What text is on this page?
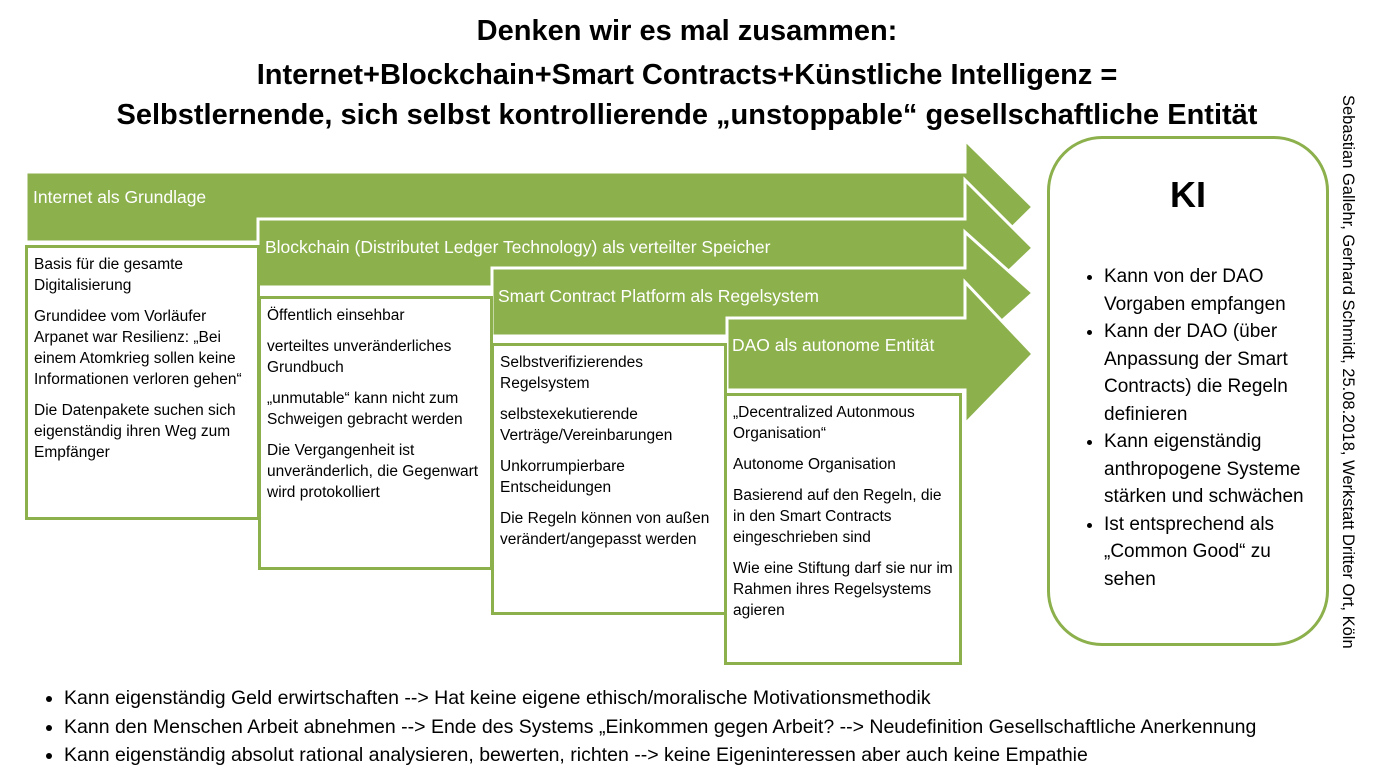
Denken wir es mal zusammen:
Internet+Blockchain+Smart Contracts+Künstliche Intelligenz =
Selbstlernende, sich selbst kontrollierende „unstoppable“ gesellschaftliche Entität
Internet als Grundlage
Blockchain (Distributet Ledger Technology) als verteilter Speicher
Smart Contract Platform als Regelsystem
DAO als autonome Entität

Basis für die gesamte Digitalisierung

Grundidee vom Vorläufer Arpanet war Resilienz: „Bei einem Atomkrieg sollen keine Informationen verloren gehen“

Die Datenpakete suchen sich eigenständig ihren Weg zum Empfänger

Öffentlich einsehbar

verteiltes unveränderliches Grundbuch

„unmutable“ kann nicht zum Schweigen gebracht werden

Die Vergangenheit ist unveränderlich, die Gegenwart wird protokolliert

Selbstverifizierendes Regelsystem

selbstexekutierende Verträge/Vereinbarungen

Unkorrumpierbare Entscheidungen

Die Regeln können von außen verändert/angepasst werden

„Decentralized Autonmous Organisation“

Autonome Organisation

Basierend auf den Regeln, die in den Smart Contracts eingeschrieben sind

Wie eine Stiftung darf sie nur im Rahmen ihres Regelsystems agieren

KI
• Kann von der DAO Vorgaben empfangen
• Kann der DAO (über Anpassung der Smart Contracts) die Regeln definieren
• Kann eigenständig anthropogene Systeme stärken und schwächen
• Ist entsprechend als „Common Good“ zu sehen	Sebastian Gallehr, Gerhard Schmidt, 25.08.2018, Werkstatt Dritter Ort, Köln
• Kann eigenständig Geld erwirtschaften --> Hat keine eigene ethisch/moralische Motivationsmethodik
• Kann den Menschen Arbeit abnehmen --> Ende des Systems „Einkommen gegen Arbeit? --> Neudefinition Gesellschaftliche Anerkennung
• Kann eigenständig absolut rational analysieren, bewerten, richten --> keine Eigeninteressen aber auch keine Empathie
